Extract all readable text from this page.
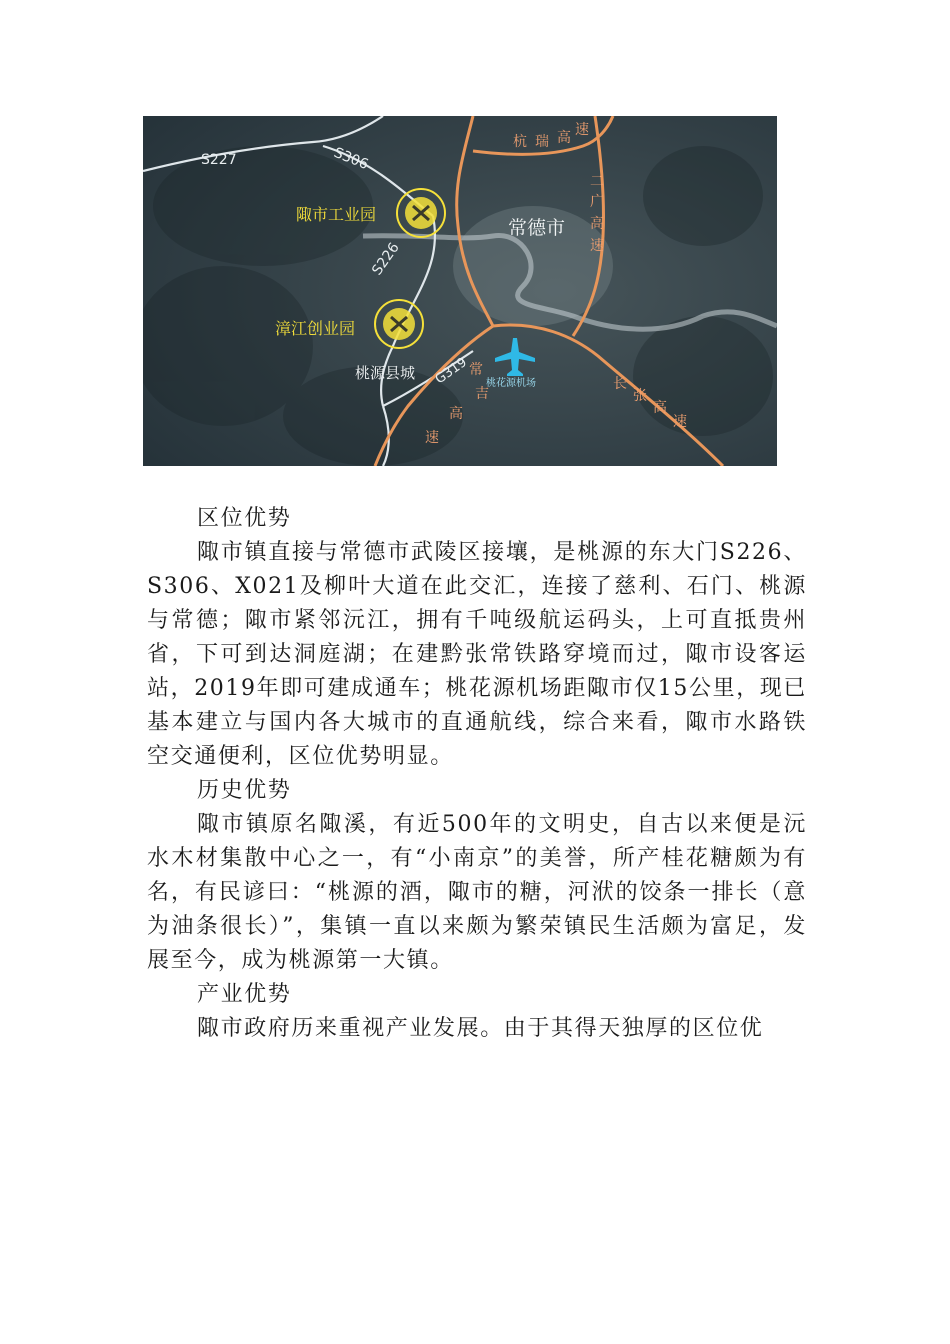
S227	S306
S226
G319
陬市工业园
漳江创业园
常德市
桃源县城
桃花源机场
杭 瑞 高 速
二
广
高
速
常
吉
高
速
长
张
高
速

区位优势

陬市镇直接与常德市武陵区接壤，是桃源的东大门S226、S306、X021及柳叶大道在此交汇，连接了慈利、石门、桃源与常德；陬市紧邻沅江，拥有千吨级航运码头，上可直抵贵州省，下可到达洞庭湖；在建黔张常铁路穿境而过，陬市设客运站，2019年即可建成通车；桃花源机场距陬市仅15公里，现已基本建立与国内各大城市的直通航线，综合来看，陬市水路铁空交通便利，区位优势明显。

历史优势

陬市镇原名陬溪，有近500年的文明史，自古以来便是沅水木材集散中心之一，有“小南京”的美誉，所产桂花糖颇为有名，有民谚曰：“桃源的酒，陬市的糖，河洑的饺条一排长（意为油条很长）”，集镇一直以来颇为繁荣镇民生活颇为富足，发展至今，成为桃源第一大镇。

产业优势

陬市政府历来重视产业发展。由于其得天独厚的区位优
